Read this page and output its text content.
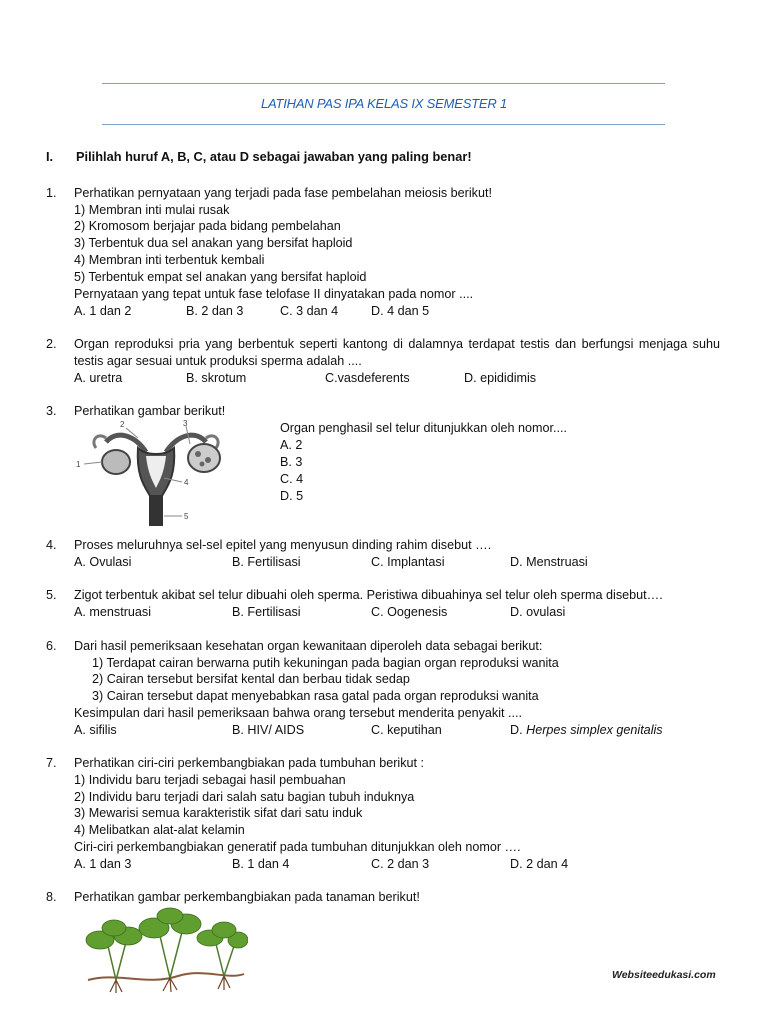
LATIHAN PAS IPA KELAS IX SEMESTER 1
I. Pilihlah huruf A, B, C, atau D sebagai jawaban yang paling benar!
1. Perhatikan pernyataan yang terjadi pada fase pembelahan meiosis berikut!
1) Membran inti mulai rusak
2) Kromosom berjajar pada bidang pembelahan
3) Terbentuk dua sel anakan yang bersifat haploid
4) Membran inti terbentuk kembali
5) Terbentuk empat sel anakan yang bersifat haploid
Pernyataan yang tepat untuk fase telofase II dinyatakan pada nomor ....
A. 1 dan 2	B. 2 dan 3	C. 3 dan 4	D. 4 dan 5
2. Organ reproduksi pria yang berbentuk seperti kantong di dalamnya terdapat testis dan berfungsi menjaga suhu
testis agar sesuai untuk produksi sperma adalah ....
A. uretra	B. skrotum	C.vasdeferents	D. epididimis
3. Perhatikan gambar berikut!
1
2	3
4
5
Organ penghasil sel telur ditunjukkan oleh nomor....
A. 2
B. 3
C. 4
D. 5
4. Proses meluruhnya sel-sel epitel yang menyusun dinding rahim disebut ….
A. Ovulasi	B. Fertilisasi	C. Implantasi	D. Menstruasi
5. Zigot terbentuk akibat sel telur dibuahi oleh sperma. Peristiwa dibuahinya sel telur oleh sperma disebut….
A. menstruasi	B. Fertilisasi	C. Oogenesis	D. ovulasi
6. Dari hasil pemeriksaan kesehatan organ kewanitaan diperoleh data sebagai berikut:
1) Terdapat cairan berwarna putih kekuningan pada bagian organ reproduksi wanita
2) Cairan tersebut bersifat kental dan berbau tidak sedap
3) Cairan tersebut dapat menyebabkan rasa gatal pada organ reproduksi wanita
Kesimpulan dari hasil pemeriksaan bahwa orang tersebut menderita penyakit ....
A. sifilis	B. HIV/ AIDS	C. keputihan	D. Herpes simplex genitalis
7. Perhatikan ciri-ciri perkembangbiakan pada tumbuhan berikut :
1) Individu baru terjadi sebagai hasil pembuahan
2) Individu baru terjadi dari salah satu bagian tubuh induknya
3) Mewarisi semua karakteristik sifat dari satu induk
4) Melibatkan alat-alat kelamin
Ciri-ciri perkembangbiakan generatif pada tumbuhan ditunjukkan oleh nomor ….
A. 1 dan 3	B. 1 dan 4	C. 2 dan 3	D. 2 dan 4
8. Perhatikan gambar perkembangbiakan pada tanaman berikut!
Websiteedukasi.com
